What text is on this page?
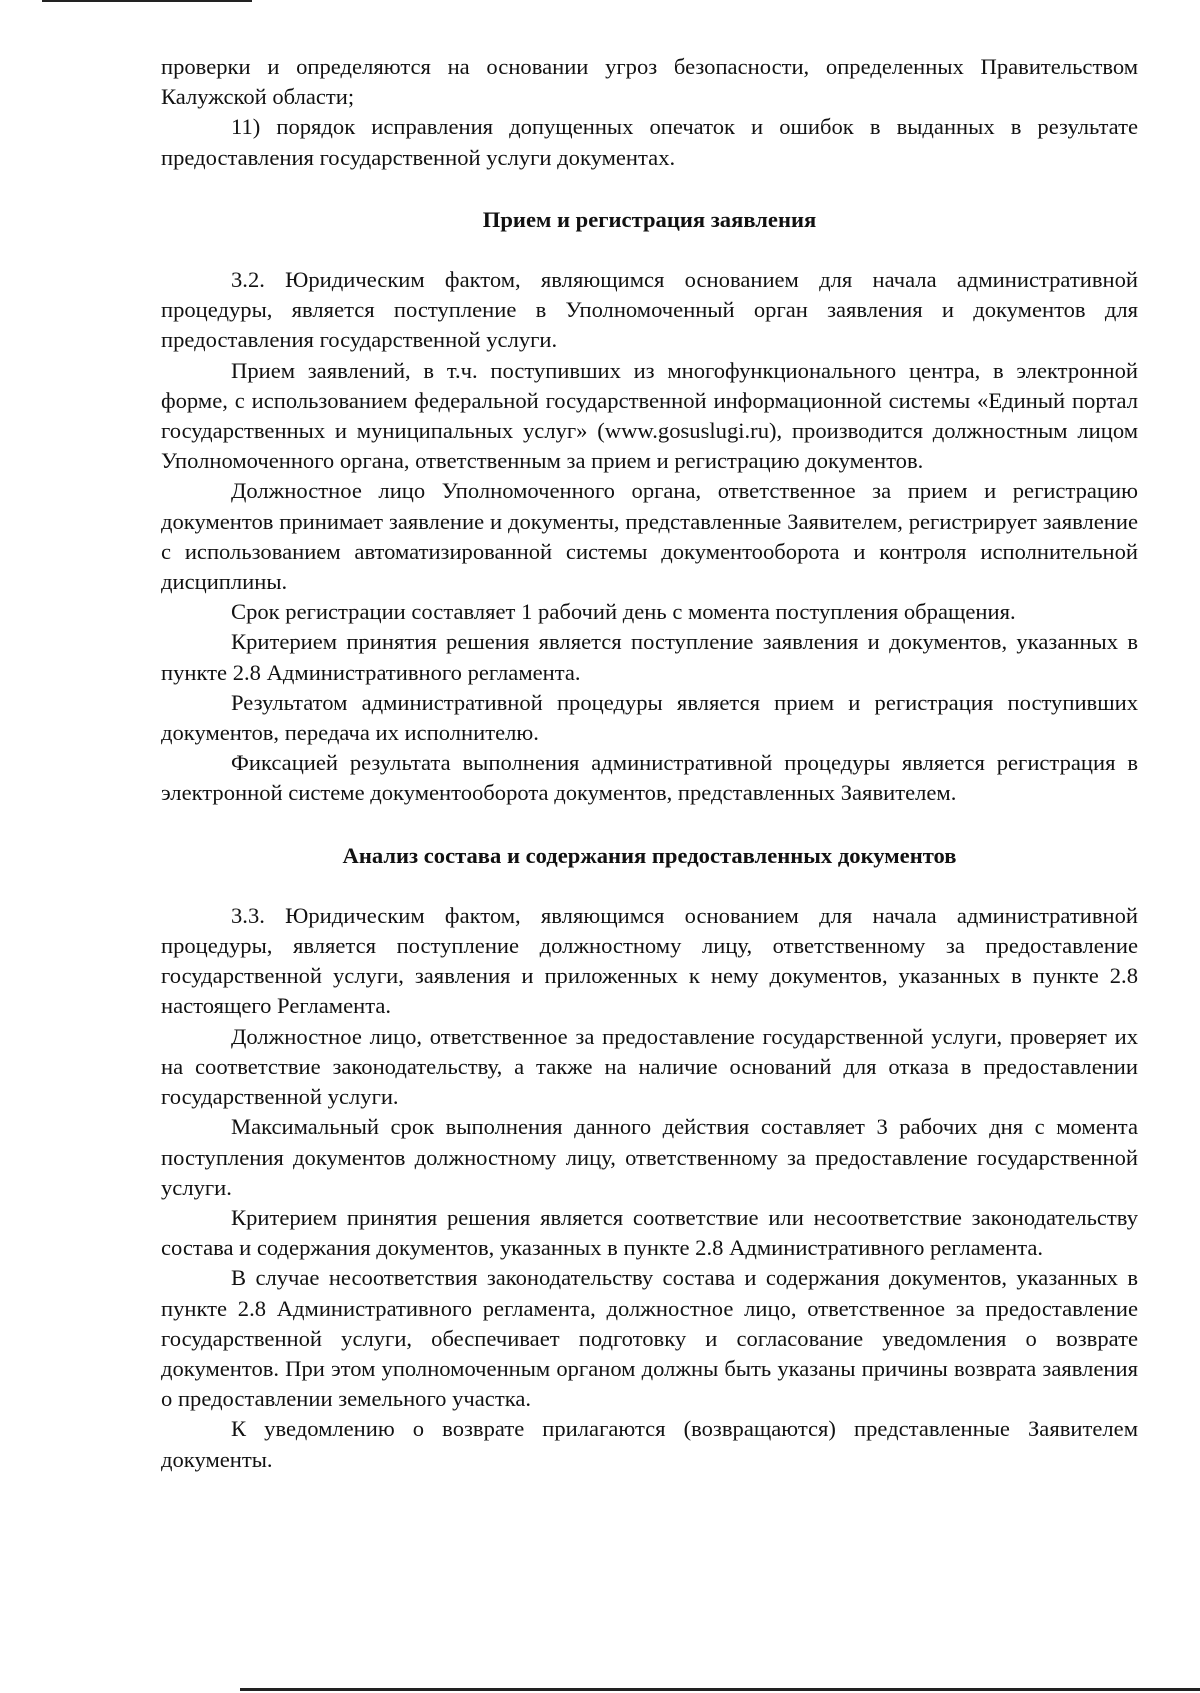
проверки и определяются на основании угроз безопасности, определенных Правительством Калужской области;

11) порядок исправления допущенных опечаток и ошибок в выданных в результате предоставления государственной услуги документах.

Прием и регистрация заявления

3.2. Юридическим фактом, являющимся основанием для начала административной процедуры, является поступление в Уполномоченный орган заявления и документов для предоставления государственной услуги.

Прием заявлений, в т.ч. поступивших из многофункционального центра, в электронной форме, с использованием федеральной государственной информационной системы «Единый портал государственных и муниципальных услуг» (www.gosuslugi.ru), производится должностным лицом Уполномоченного органа, ответственным за прием и регистрацию документов.

Должностное лицо Уполномоченного органа, ответственное за прием и регистрацию документов принимает заявление и документы, представленные Заявителем, регистрирует заявление с использованием автоматизированной системы документооборота и контроля исполнительной дисциплины.

Срок регистрации составляет 1 рабочий день с момента поступления обращения.

Критерием принятия решения является поступление заявления и документов, указанных в пункте 2.8 Административного регламента.

Результатом административной процедуры является прием и регистрация поступивших документов, передача их исполнителю.

Фиксацией результата выполнения административной процедуры является регистрация в электронной системе документооборота документов, представленных Заявителем.

Анализ состава и содержания предоставленных документов

3.3. Юридическим фактом, являющимся основанием для начала административной процедуры, является поступление должностному лицу, ответственному за предоставление государственной услуги, заявления и приложенных к нему документов, указанных в пункте 2.8 настоящего Регламента.

Должностное лицо, ответственное за предоставление государственной услуги, проверяет их на соответствие законодательству, а также на наличие оснований для отказа в предоставлении государственной услуги.

Максимальный срок выполнения данного действия составляет 3 рабочих дня с момента поступления документов должностному лицу, ответственному за предоставление государственной услуги.

Критерием принятия решения является соответствие или несоответствие законодательству состава и содержания документов, указанных в пункте 2.8 Административного регламента.

В случае несоответствия законодательству состава и содержания документов, указанных в пункте 2.8 Административного регламента, должностное лицо, ответственное за предоставление государственной услуги, обеспечивает подготовку и согласование уведомления о возврате документов. При этом уполномоченным органом должны быть указаны причины возврата заявления о предоставлении земельного участка.

К уведомлению о возврате прилагаются (возвращаются) представленные Заявителем документы.
